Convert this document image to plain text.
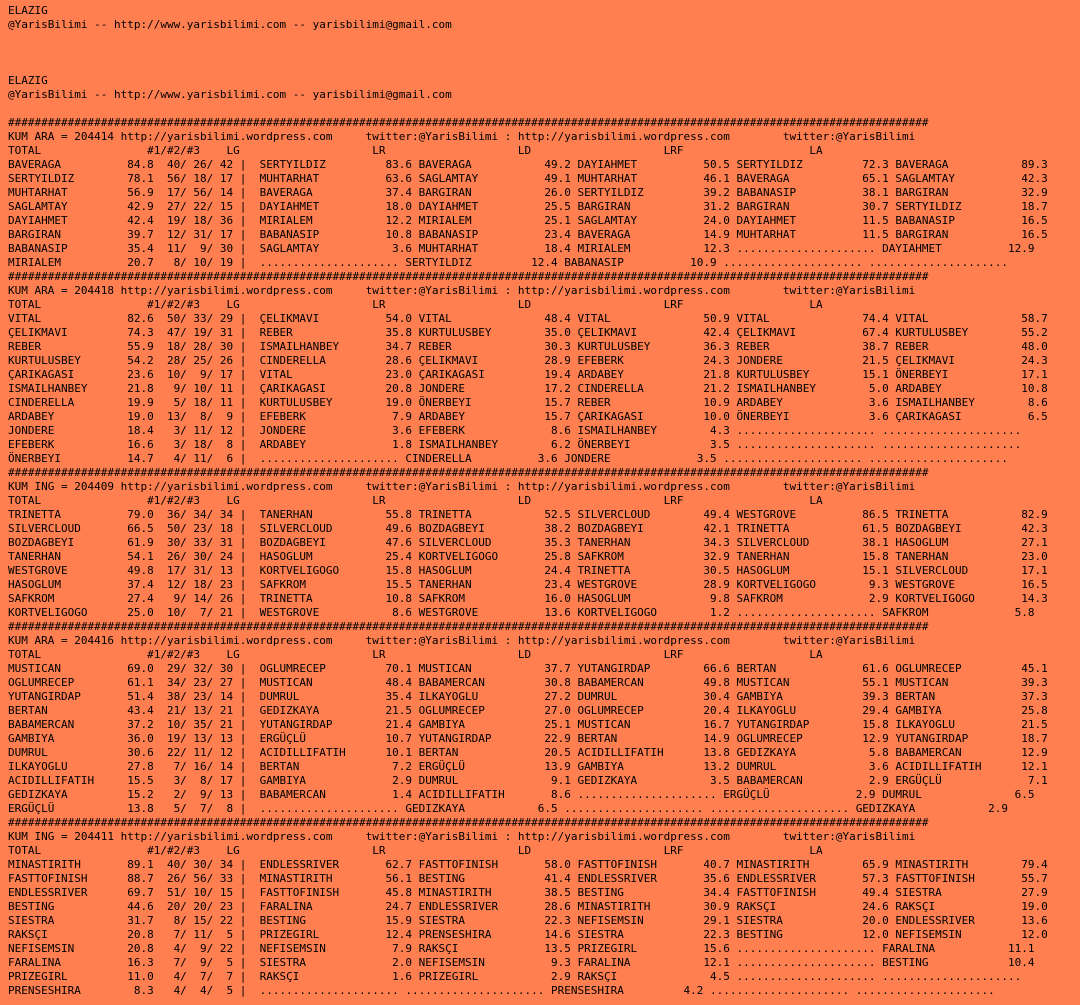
ELAZIG
@YarisBilimi -- http://www.yarisbilimi.com -- yarisbilimi@gmail.com
ELAZIG
@YarisBilimi -- http://www.yarisbilimi.com -- yarisbilimi@gmail.com
###########################################################################################################################################
KUM ARA = 204414 http://yarisbilimi.wordpress.com     twitter:@YarisBilimi : http://yarisbilimi.wordpress.com        twitter:@YarisBilimi
TOTAL                #1/#2/#3    LG                    LR                    LD                    LRF                   LA
BAVERAGA          84.8  40/ 26/ 42 |  SERTYILDIZ         83.6 BAVERAGA           49.2 DAYIAHMET          50.5 SERTYILDIZ         72.3 BAVERAGA           89.3
SERTYILDIZ        78.1  56/ 18/ 17 |  MUHTARHAT          63.6 SAGLAMTAY          49.1 MUHTARHAT          46.1 BAVERAGA           65.1 SAGLAMTAY          42.3
MUHTARHAT         56.9  17/ 56/ 14 |  BAVERAGA           37.4 BARGIRAN           26.0 SERTYILDIZ         39.2 BABANASIP          38.1 BARGIRAN           32.9
SAGLAMTAY         42.9  27/ 22/ 15 |  DAYIAHMET          18.0 DAYIAHMET          25.5 BARGIRAN           31.2 BARGIRAN           30.7 SERTYILDIZ         18.7
DAYIAHMET         42.4  19/ 18/ 36 |  MIRIALEM           12.2 MIRIALEM           25.1 SAGLAMTAY          24.0 DAYIAHMET          11.5 BABANASIP          16.5
BARGIRAN          39.7  12/ 31/ 17 |  BABANASIP          10.8 BABANASIP          23.4 BAVERAGA           14.9 MUHTARHAT          11.5 BARGIRAN           16.5
BABANASIP         35.4  11/  9/ 30 |  SAGLAMTAY           3.6 MUHTARHAT          18.4 MIRIALEM           12.3 ..................... DAYIAHMET          12.9
MIRIALEM          20.7   8/ 10/ 19 |  ..................... SERTYILDIZ         12.4 BABANASIP          10.9 ..................... .....................
###########################################################################################################################################
KUM ARA = 204418 http://yarisbilimi.wordpress.com     twitter:@YarisBilimi : http://yarisbilimi.wordpress.com        twitter:@YarisBilimi
TOTAL                #1/#2/#3    LG                    LR                    LD                    LRF                   LA
VITAL             82.6  50/ 33/ 29 |  ÇELIKMAVI          54.0 VITAL              48.4 VITAL              50.9 VITAL              74.4 VITAL              58.7
ÇELIKMAVI         74.3  47/ 19/ 31 |  REBER              35.8 KURTULUSBEY        35.0 ÇELIKMAVI          42.4 ÇELIKMAVI          67.4 KURTULUSBEY        55.2
REBER             55.9  18/ 28/ 30 |  ISMAILHANBEY       34.7 REBER              30.3 KURTULUSBEY        36.3 REBER              38.7 REBER              48.0
KURTULUSBEY       54.2  28/ 25/ 26 |  CINDERELLA         28.6 ÇELIKMAVI          28.9 EFEBERK            24.3 JONDERE            21.5 ÇELIKMAVI          24.3
ÇARIKAGASI        23.6  10/  9/ 17 |  VITAL              23.0 ÇARIKAGASI         19.4 ARDABEY            21.8 KURTULUSBEY        15.1 ÖNERBEYI           17.1
ISMAILHANBEY      21.8   9/ 10/ 11 |  ÇARIKAGASI         20.8 JONDERE            17.2 CINDERELLA         21.2 ISMAILHANBEY        5.0 ARDABEY            10.8
CINDERELLA        19.9   5/ 18/ 11 |  KURTULUSBEY        19.0 ÖNERBEYI           15.7 REBER              10.9 ARDABEY             3.6 ISMAILHANBEY        8.6
ARDABEY           19.0  13/  8/  9 |  EFEBERK             7.9 ARDABEY            15.7 ÇARIKAGASI         10.0 ÖNERBEYI            3.6 ÇARIKAGASI          6.5
JONDERE           18.4   3/ 11/ 12 |  JONDERE             3.6 EFEBERK             8.6 ISMAILHANBEY        4.3 ..................... .....................
EFEBERK           16.6   3/ 18/  8 |  ARDABEY             1.8 ISMAILHANBEY        6.2 ÖNERBEYI            3.5 ..................... .....................
ÖNERBEYI          14.7   4/ 11/  6 |  ..................... CINDERELLA          3.6 JONDERE             3.5 ..................... .....................
###########################################################################################################################################
KUM ING = 204409 http://yarisbilimi.wordpress.com     twitter:@YarisBilimi : http://yarisbilimi.wordpress.com        twitter:@YarisBilimi
TOTAL                #1/#2/#3    LG                    LR                    LD                    LRF                   LA
TRINETTA          79.0  36/ 34/ 34 |  TANERHAN           55.8 TRINETTA           52.5 SILVERCLOUD        49.4 WESTGROVE          86.5 TRINETTA           82.9
SILVERCLOUD       66.5  50/ 23/ 18 |  SILVERCLOUD        49.6 BOZDAGBEYI         38.2 BOZDAGBEYI         42.1 TRINETTA           61.5 BOZDAGBEYI         42.3
BOZDAGBEYI        61.9  30/ 33/ 31 |  BOZDAGBEYI         47.6 SILVERCLOUD        35.3 TANERHAN           34.3 SILVERCLOUD        38.1 HASOGLUM           27.1
TANERHAN          54.1  26/ 30/ 24 |  HASOGLUM           25.4 KORTVELIGOGO       25.8 SAFKROM            32.9 TANERHAN           15.8 TANERHAN           23.0
WESTGROVE         49.8  17/ 31/ 13 |  KORTVELIGOGO       15.8 HASOGLUM           24.4 TRINETTA           30.5 HASOGLUM           15.1 SILVERCLOUD        17.1
HASOGLUM          37.4  12/ 18/ 23 |  SAFKROM            15.5 TANERHAN           23.4 WESTGROVE          28.9 KORTVELIGOGO        9.3 WESTGROVE          16.5
SAFKROM           27.4   9/ 14/ 26 |  TRINETTA           10.8 SAFKROM            16.0 HASOGLUM            9.8 SAFKROM             2.9 KORTVELIGOGO       14.3
KORTVELIGOGO      25.0  10/  7/ 21 |  WESTGROVE           8.6 WESTGROVE          13.6 KORTVELIGOGO        1.2 ..................... SAFKROM             5.8
###########################################################################################################################################
KUM ARA = 204416 http://yarisbilimi.wordpress.com     twitter:@YarisBilimi : http://yarisbilimi.wordpress.com        twitter:@YarisBilimi
TOTAL                #1/#2/#3    LG                    LR                    LD                    LRF                   LA
MUSTICAN          69.0  29/ 32/ 30 |  OGLUMRECEP         70.1 MUSTICAN           37.7 YUTANGIRDAP        66.6 BERTAN             61.6 OGLUMRECEP         45.1
OGLUMRECEP        61.1  34/ 23/ 27 |  MUSTICAN           48.4 BABAMERCAN         30.8 BABAMERCAN         49.8 MUSTICAN           55.1 MUSTICAN           39.3
YUTANGIRDAP       51.4  38/ 23/ 14 |  DUMRUL             35.4 ILKAYOGLU          27.2 DUMRUL             30.4 GAMBIYA            39.3 BERTAN             37.3
BERTAN            43.4  21/ 13/ 21 |  GEDIZKAYA          21.5 OGLUMRECEP         27.0 OGLUMRECEP         20.4 ILKAYOGLU          29.4 GAMBIYA            25.8
BABAMERCAN        37.2  10/ 35/ 21 |  YUTANGIRDAP        21.4 GAMBIYA            25.1 MUSTICAN           16.7 YUTANGIRDAP        15.8 ILKAYOGLU          21.5
GAMBIYA           36.0  19/ 13/ 13 |  ERGÜÇLÜ            10.7 YUTANGIRDAP        22.9 BERTAN             14.9 OGLUMRECEP         12.9 YUTANGIRDAP        18.7
DUMRUL            30.6  22/ 11/ 12 |  ACIDILLIFATIH      10.1 BERTAN             20.5 ACIDILLIFATIH      13.8 GEDIZKAYA           5.8 BABAMERCAN         12.9
ILKAYOGLU         27.8   7/ 16/ 14 |  BERTAN              7.2 ERGÜÇLÜ            13.9 GAMBIYA            13.2 DUMRUL              3.6 ACIDILLIFATIH      12.1
ACIDILLIFATIH     15.5   3/  8/ 17 |  GAMBIYA             2.9 DUMRUL              9.1 GEDIZKAYA           3.5 BABAMERCAN          2.9 ERGÜÇLÜ             7.1
GEDIZKAYA         15.2   2/  9/ 13 |  BABAMERCAN          1.4 ACIDILLIFATIH       8.6 ..................... ERGÜÇLÜ             2.9 DUMRUL              6.5
ERGÜÇLÜ           13.8   5/  7/  8 |  ..................... GEDIZKAYA           6.5 ..................... ..................... GEDIZKAYA           2.9
###########################################################################################################################################
KUM ING = 204411 http://yarisbilimi.wordpress.com     twitter:@YarisBilimi : http://yarisbilimi.wordpress.com        twitter:@YarisBilimi
TOTAL                #1/#2/#3    LG                    LR                    LD                    LRF                   LA
MINASTIRITH       89.1  40/ 30/ 34 |  ENDLESSRIVER       62.7 FASTTOFINISH       58.0 FASTTOFINISH       40.7 MINASTIRITH        65.9 MINASTIRITH        79.4
FASTTOFINISH      88.7  26/ 56/ 33 |  MINASTIRITH        56.1 BESTING            41.4 ENDLESSRIVER       35.6 ENDLESSRIVER       57.3 FASTTOFINISH       55.7
ENDLESSRIVER      69.7  51/ 10/ 15 |  FASTTOFINISH       45.8 MINASTIRITH        38.5 BESTING            34.4 FASTTOFINISH       49.4 SIESTRA            27.9
BESTING           44.6  20/ 20/ 23 |  FARALINA           24.7 ENDLESSRIVER       28.6 MINASTIRITH        30.9 RAKSÇI             24.6 RAKSÇI             19.0
SIESTRA           31.7   8/ 15/ 22 |  BESTING            15.9 SIESTRA            22.3 NEFISEMSIN         29.1 SIESTRA            20.0 ENDLESSRIVER       13.6
RAKSÇI            20.8   7/ 11/  5 |  PRIZEGIRL          12.4 PRENSESHIRA        14.6 SIESTRA            22.3 BESTING            12.0 NEFISEMSIN         12.0
NEFISEMSIN        20.8   4/  9/ 22 |  NEFISEMSIN          7.9 RAKSÇI             13.5 PRIZEGIRL          15.6 ..................... FARALINA           11.1
FARALINA          16.3   7/  9/  5 |  SIESTRA             2.0 NEFISEMSIN          9.3 FARALINA           12.1 ..................... BESTING            10.4
PRIZEGIRL         11.0   4/  7/  7 |  RAKSÇI              1.6 PRIZEGIRL           2.9 RAKSÇI              4.5 ..................... .....................
PRENSESHIRA        8.3   4/  4/  5 |  ..................... ..................... PRENSESHIRA         4.2 ..................... .....................
